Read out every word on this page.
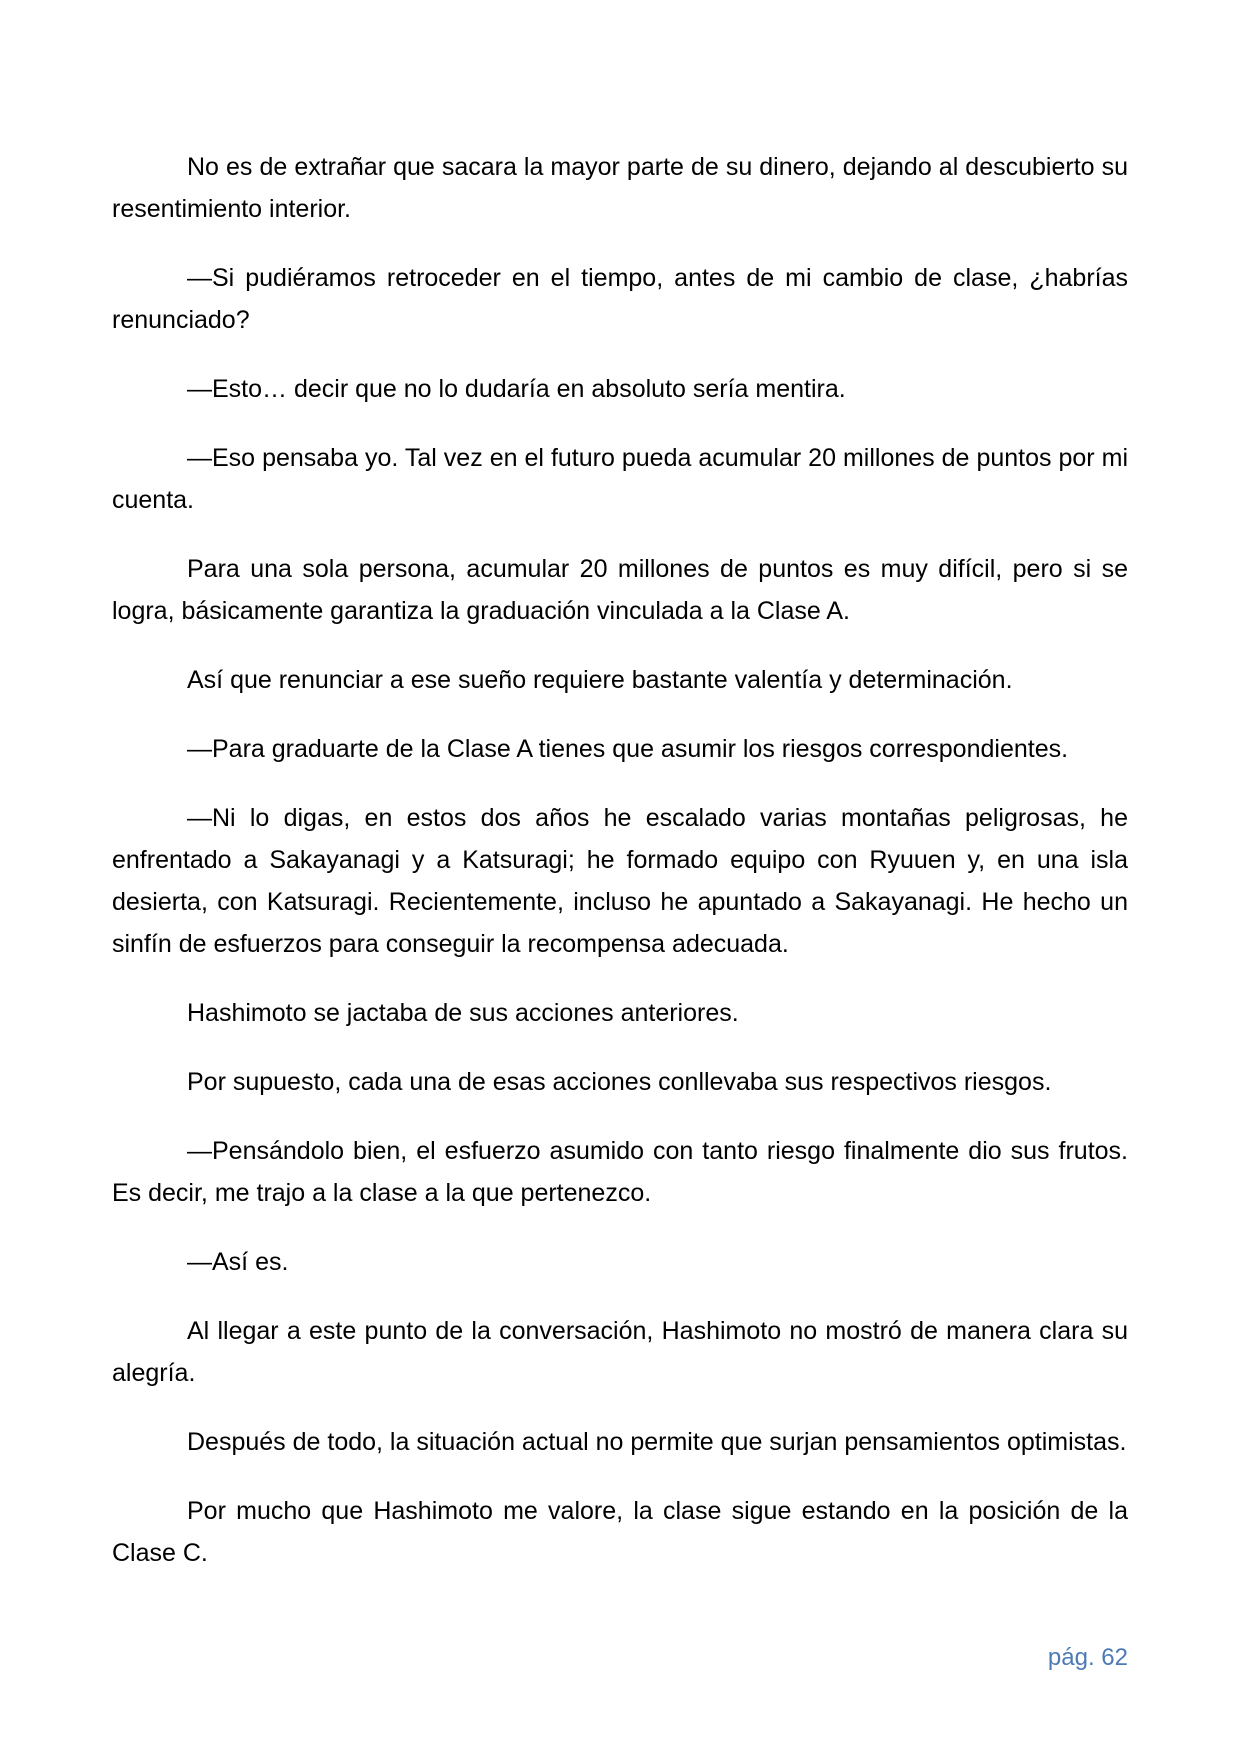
No es de extrañar que sacara la mayor parte de su dinero, dejando al descubierto su resentimiento interior.

—Si pudiéramos retroceder en el tiempo, antes de mi cambio de clase, ¿habrías renunciado?

—Esto… decir que no lo dudaría en absoluto sería mentira.

—Eso pensaba yo. Tal vez en el futuro pueda acumular 20 millones de puntos por mi cuenta.

Para una sola persona, acumular 20 millones de puntos es muy difícil, pero si se logra, básicamente garantiza la graduación vinculada a la Clase A.

Así que renunciar a ese sueño requiere bastante valentía y determinación.

—Para graduarte de la Clase A tienes que asumir los riesgos correspondientes.

—Ni lo digas, en estos dos años he escalado varias montañas peligrosas, he enfrentado a Sakayanagi y a Katsuragi; he formado equipo con Ryuuen y, en una isla desierta, con Katsuragi. Recientemente, incluso he apuntado a Sakayanagi. He hecho un sinfín de esfuerzos para conseguir la recompensa adecuada.

Hashimoto se jactaba de sus acciones anteriores.

Por supuesto, cada una de esas acciones conllevaba sus respectivos riesgos.

—Pensándolo bien, el esfuerzo asumido con tanto riesgo finalmente dio sus frutos. Es decir, me trajo a la clase a la que pertenezco.

—Así es.

Al llegar a este punto de la conversación, Hashimoto no mostró de manera clara su alegría.

Después de todo, la situación actual no permite que surjan pensamientos optimistas.

Por mucho que Hashimoto me valore, la clase sigue estando en la posición de la Clase C.

pág. 62
